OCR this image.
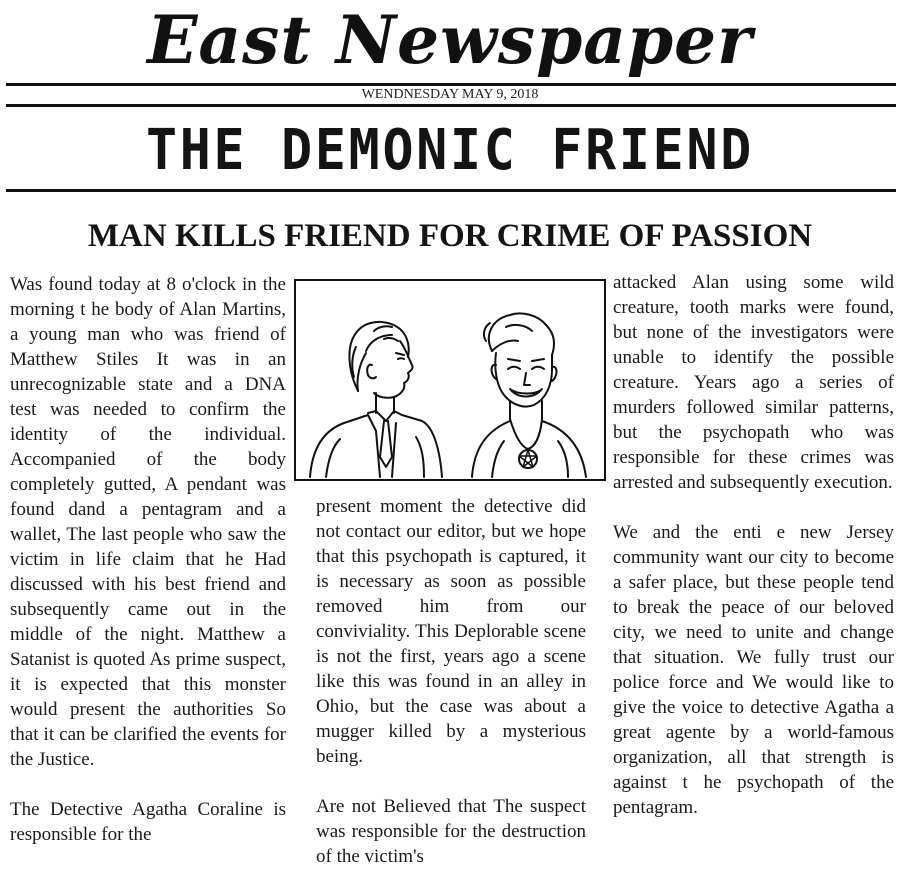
East Newspaper
WENDNESDAY MAY 9, 2018
THE DEMONIC FRIEND
MAN KILLS FRIEND FOR CRIME OF PASSION

Was found today at 8 o'clock in the morning t he body of Alan Martins, a young man who was friend of Matthew Stiles It was in an unrecognizable state and a DNA test was needed to confirm the identity of the individual. Accompanied of the body completely gutted, A pendant was found dand a pentagram and a wallet, The last people who saw the victim in life claim that he Had discussed with his best friend and subsequently came out in the middle of the night. Matthew a Satanist is quoted As prime suspect, it is expected that this monster would present the authorities So that it can be clarified the events for the Justice.

The Detective Agatha Coraline is responsible for the

present moment the detective did not contact our editor, but we hope that this psychopath is captured, it is necessary as soon as possible removed him from our conviviality. This Deplorable scene is not the first, years ago a scene like this was found in an alley in Ohio, but the case was about a mugger killed by a mysterious being.

Are not Believed that The suspect was responsible for the destruction of the victim's

attacked Alan using some wild creature, tooth marks were found, but none of the investigators were unable to identify the possible creature. Years ago a series of murders followed similar patterns, but the psychopath who was responsible for these crimes was arrested and subsequently execution.

We and the enti e new Jersey community want our city to become a safer place, but these people tend to break the peace of our beloved city, we need to unite and change that situation. We fully trust our police force and We would like to give the voice to detective Agatha a great agente by a world-famous organization, all that strength is against t he psychopath of the pentagram.
